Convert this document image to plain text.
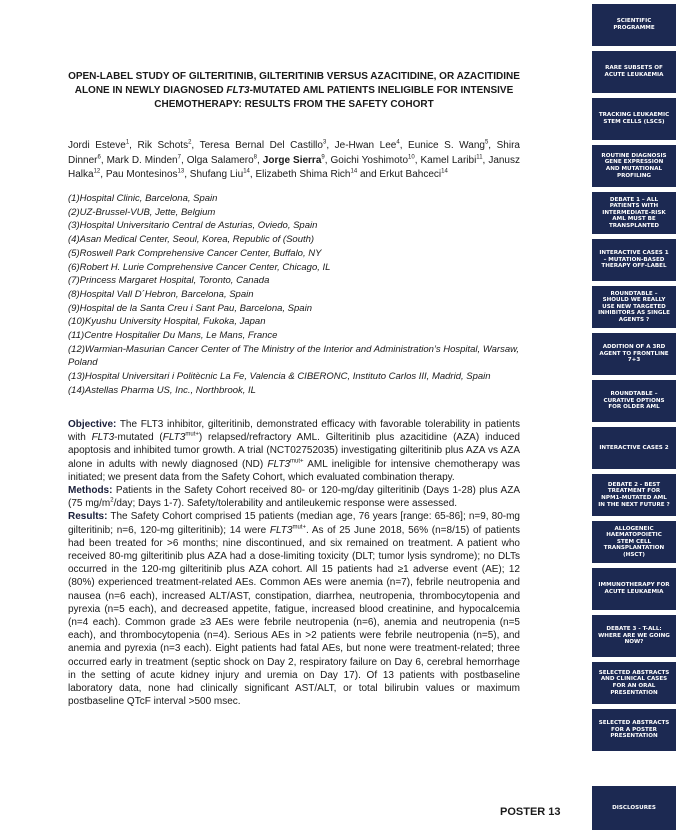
OPEN-LABEL STUDY OF GILTERITINIB, GILTERITINIB VERSUS AZACITIDINE, OR AZACITIDINE ALONE IN NEWLY DIAGNOSED FLT3-MUTATED AML PATIENTS INELIGIBLE FOR INTENSIVE CHEMOTHERAPY: RESULTS FROM THE SAFETY COHORT
Jordi Esteve$^1$, Rik Schots$^2$, Teresa Bernal Del Castillo$^3$, Je-Hwan Lee$^4$, Eunice S. Wang$^5$, Shira Dinner$^6$, Mark D. Minden$^7$, Olga Salamero$^8$, Jorge Sierra$^9$, Goichi Yoshimoto$^{10}$, Kamel Laribi$^{11}$, Janusz Halka$^{12}$, Pau Montesinos$^{13}$, Shufang Liu$^{14}$, Elizabeth Shima Rich$^{14}$ and Erkut Bahceci$^{14}$
(1)Hospital Clinic, Barcelona, Spain
(2)UZ-Brussel-VUB, Jette, Belgium
(3)Hospital Universitario Central de Asturias, Oviedo, Spain
(4)Asan Medical Center, Seoul, Korea, Republic of (South)
(5)Roswell Park Comprehensive Cancer Center, Buffalo, NY
(6)Robert H. Lurie Comprehensive Cancer Center, Chicago, IL
(7)Princess Margaret Hospital, Toronto, Canada
(8)Hospital Vall D´Hebron, Barcelona, Spain
(9)Hospital de la Santa Creu i Sant Pau, Barcelona, Spain
(10)Kyushu University Hospital, Fukoka, Japan
(11)Centre Hospitalier Du Mans, Le Mans, France
(12)Warmian-Masurian Cancer Center of The Ministry of the Interior and Administration’s Hospital, Warsaw, Poland
(13)Hospital Universitari i Politècnic La Fe, Valencia & CIBERONC, Instituto Carlos III, Madrid, Spain
(14)Astellas Pharma US, Inc., Northbrook, IL

Objective: The FLT3 inhibitor, gilteritinib, demonstrated efficacy with favorable tolerability in patients with FLT3-mutated $(FLT3^{mut+})$ relapsed/refractory AML. Gilteritinib plus azacitidine (AZA) induced apoptosis and inhibited tumor growth. A trial (NCT02752035) investigating gilteritinib plus AZA vs AZA alone in adults with newly diagnosed (ND) $FLT3^{mut+}$ AML ineligible for intensive chemotherapy was initiated; we present data from the Safety Cohort, which evaluated combination therapy.

Methods: Patients in the Safety Cohort received 80- or 120-mg/day gilteritinib (Days 1-28) plus AZA (75 $mg/m^2$/day; Days 1-7). Safety/tolerability and antileukemic response were assessed.

Results: The Safety Cohort comprised 15 patients (median age, 76 years [range: 65-86]; n=9, 80-mg gilteritinib; n=6, 120-mg gilteritinib); 14 were $FLT3^{mut+}$. As of 25 June 2018, 56% (n=8/15) of patients had been treated for >6 months; nine discontinued, and six remained on treatment. A patient who received 80-mg gilteritinib plus AZA had a dose-limiting toxicity (DLT; tumor lysis syndrome); no DLTs occurred in the 120-mg gilteritinib plus AZA cohort. All 15 patients had ≥1 adverse event (AE); 12 (80%) experienced treatment-related AEs. Common AEs were anemia (n=7), febrile neutropenia and nausea (n=6 each), increased ALT/AST, constipation, diarrhea, neutropenia, thrombocytopenia and pyrexia (n=5 each), and decreased appetite, fatigue, increased blood creatinine, and hypocalcemia (n=4 each). Common grade ≥3 AEs were febrile neutropenia (n=6), anemia and neutropenia (n=5 each), and thrombocytopenia (n=4). Serious AEs in >2 patients were febrile neutropenia (n=5), and anemia and pyrexia (n=3 each). Eight patients had fatal AEs, but none were treatment-related; three occurred early in treatment (septic shock on Day 2, respiratory failure on Day 6, cerebral hemorrhage in the setting of acute kidney injury and uremia on Day 17). Of 13 patients with postbaseline laboratory data, none had clinically significant AST/ALT, or total bilirubin values or maximum postbaseline QTcF interval >500 msec.

POSTER 13
SCIENTIFIC PROGRAMME
RARE SUBSETS OF ACUTE LEUKAEMIA
TRACKING LEUKAEMIC STEM CELLS (LSCS)
ROUTINE DIAGNOSIS GENE EXPRESSION AND MUTATIONAL PROFILING
DEBATE 1 – ALL PATIENTS WITH INTERMEDIATE-RISK AML MUST BE TRANSPLANTED
INTERACTIVE CASES 1 – MUTATION-BASED THERAPY OFF-LABEL
ROUNDTABLE – SHOULD WE REALLY USE NEW TARGETED INHIBITORS AS SINGLE AGENTS ?
ADDITION OF A 3RD AGENT TO FRONTLINE 7+3
ROUNDTABLE – CURATIVE OPTIONS FOR OLDER AML
INTERACTIVE CASES 2
DEBATE 2 - BEST TREATMENT FOR NPM1-MUTATED AML IN THE NEXT FUTURE ?
ALLOGENEIC HAEMATOPOIETIC STEM CELL TRANSPLANTATION (HSCT)
IMMUNOTHERAPY FOR ACUTE LEUKAEMIA
DEBATE 3 - T-ALL: WHERE ARE WE GOING NOW?
SELECTED ABSTRACTS AND CLINICAL CASES FOR AN ORAL PRESENTATION
SELECTED ABSTRACTS FOR A POSTER PRESENTATION
DISCLOSURES
